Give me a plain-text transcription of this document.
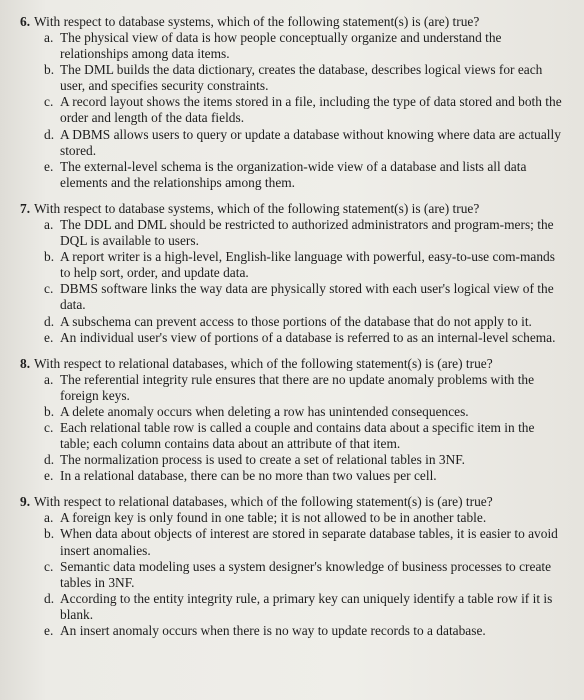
6. With respect to database systems, which of the following statement(s) is (are) true?
a. The physical view of data is how people conceptually organize and understand the relationships among data items.
b. The DML builds the data dictionary, creates the database, describes logical views for each user, and specifies security constraints.
c. A record layout shows the items stored in a file, including the type of data stored and both the order and length of the data fields.
d. A DBMS allows users to query or update a database without knowing where data are actually stored.
e. The external-level schema is the organization-wide view of a database and lists all data elements and the relationships among them.
7. With respect to database systems, which of the following statement(s) is (are) true?
a. The DDL and DML should be restricted to authorized administrators and program-mers; the DQL is available to users.
b. A report writer is a high-level, English-like language with powerful, easy-to-use com-mands to help sort, order, and update data.
c. DBMS software links the way data are physically stored with each user's logical view of the data.
d. A subschema can prevent access to those portions of the database that do not apply to it.
e. An individual user's view of portions of a database is referred to as an internal-level schema.
8. With respect to relational databases, which of the following statement(s) is (are) true?
a. The referential integrity rule ensures that there are no update anomaly problems with the foreign keys.
b. A delete anomaly occurs when deleting a row has unintended consequences.
c. Each relational table row is called a couple and contains data about a specific item in the table; each column contains data about an attribute of that item.
d. The normalization process is used to create a set of relational tables in 3NF.
e. In a relational database, there can be no more than two values per cell.
9. With respect to relational databases, which of the following statement(s) is (are) true?
a. A foreign key is only found in one table; it is not allowed to be in another table.
b. When data about objects of interest are stored in separate database tables, it is easier to avoid insert anomalies.
c. Semantic data modeling uses a system designer's knowledge of business processes to create tables in 3NF.
d. According to the entity integrity rule, a primary key can uniquely identify a table row if it is blank.
e. An insert anomaly occurs when there is no way to update records to a database.
